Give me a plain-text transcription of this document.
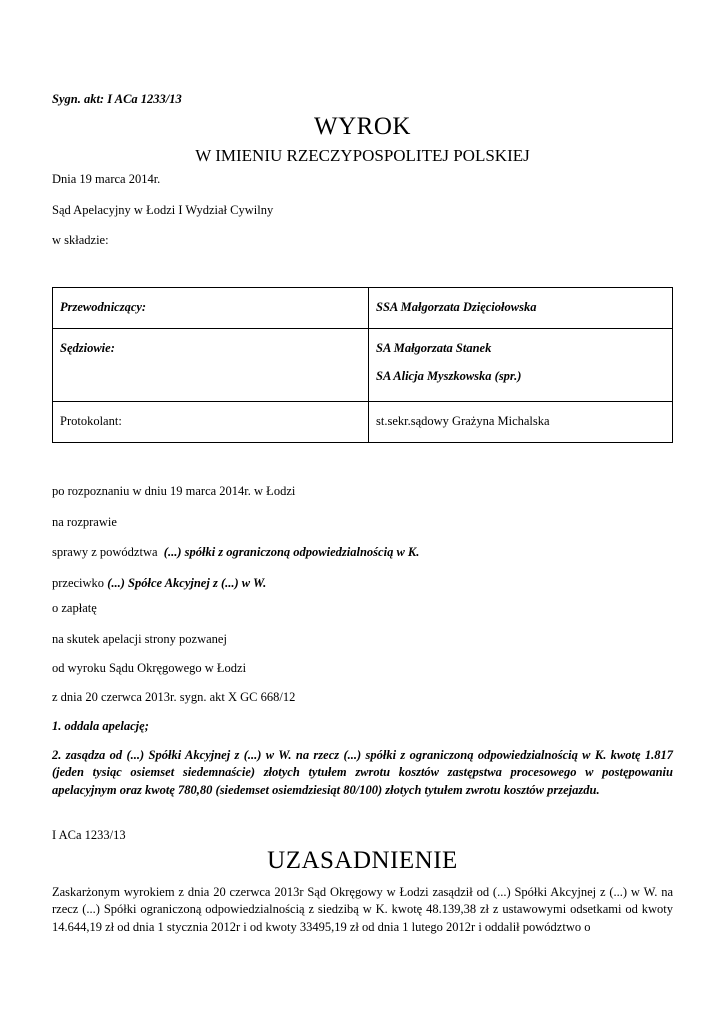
Sygn. akt: I ACa 1233/13
WYROK
W IMIENIU RZECZYPOSPOLITEJ POLSKIEJ
Dnia 19 marca 2014r.
Sąd Apelacyjny w Łodzi I Wydział Cywilny
w składzie:
Przewodniczący:	SSA Małgorzata Dzięciołowska

Sędziowie:	SA Małgorzata Stanek
SA Alicja Myszkowska (spr.)

Protokolant:	st.sekr.sądowy Grażyna Michalska
po rozpoznaniu w dniu 19 marca 2014r. w Łodzi
na rozprawie
sprawy z powództwa (...) spółki z ograniczoną odpowiedzialnością w K.
przeciwko (...) Spółce Akcyjnej z (...) w W.
o zapłatę
na skutek apelacji strony pozwanej
od wyroku Sądu Okręgowego w Łodzi
z dnia 20 czerwca 2013r. sygn. akt X GC 668/12
1. oddala apelację;
2. zasądza od (...) Spółki Akcyjnej z (...) w W. na rzecz (...) spółki z ograniczoną odpowiedzialnością w K. kwotę 1.817 (jeden tysiąc osiemset siedemnaście) złotych tytułem zwrotu kosztów zastępstwa procesowego w postępowaniu apelacyjnym oraz kwotę 780,80 (siedemset osiemdziesiąt 80/100) złotych tytułem zwrotu kosztów przejazdu.
I ACa 1233/13
UZASADNIENIE
Zaskarżonym wyrokiem z dnia 20 czerwca 2013r Sąd Okręgowy w Łodzi zasądził od (...) Spółki Akcyjnej z (...) w W. na rzecz (...) Spółki ograniczoną odpowiedzialnością z siedzibą w K. kwotę 48.139,38 zł z ustawowymi odsetkami od kwoty 14.644,19 zł od dnia 1 stycznia 2012r i od kwoty 33495,19 zł od dnia 1 lutego 2012r i oddalił powództwo o
